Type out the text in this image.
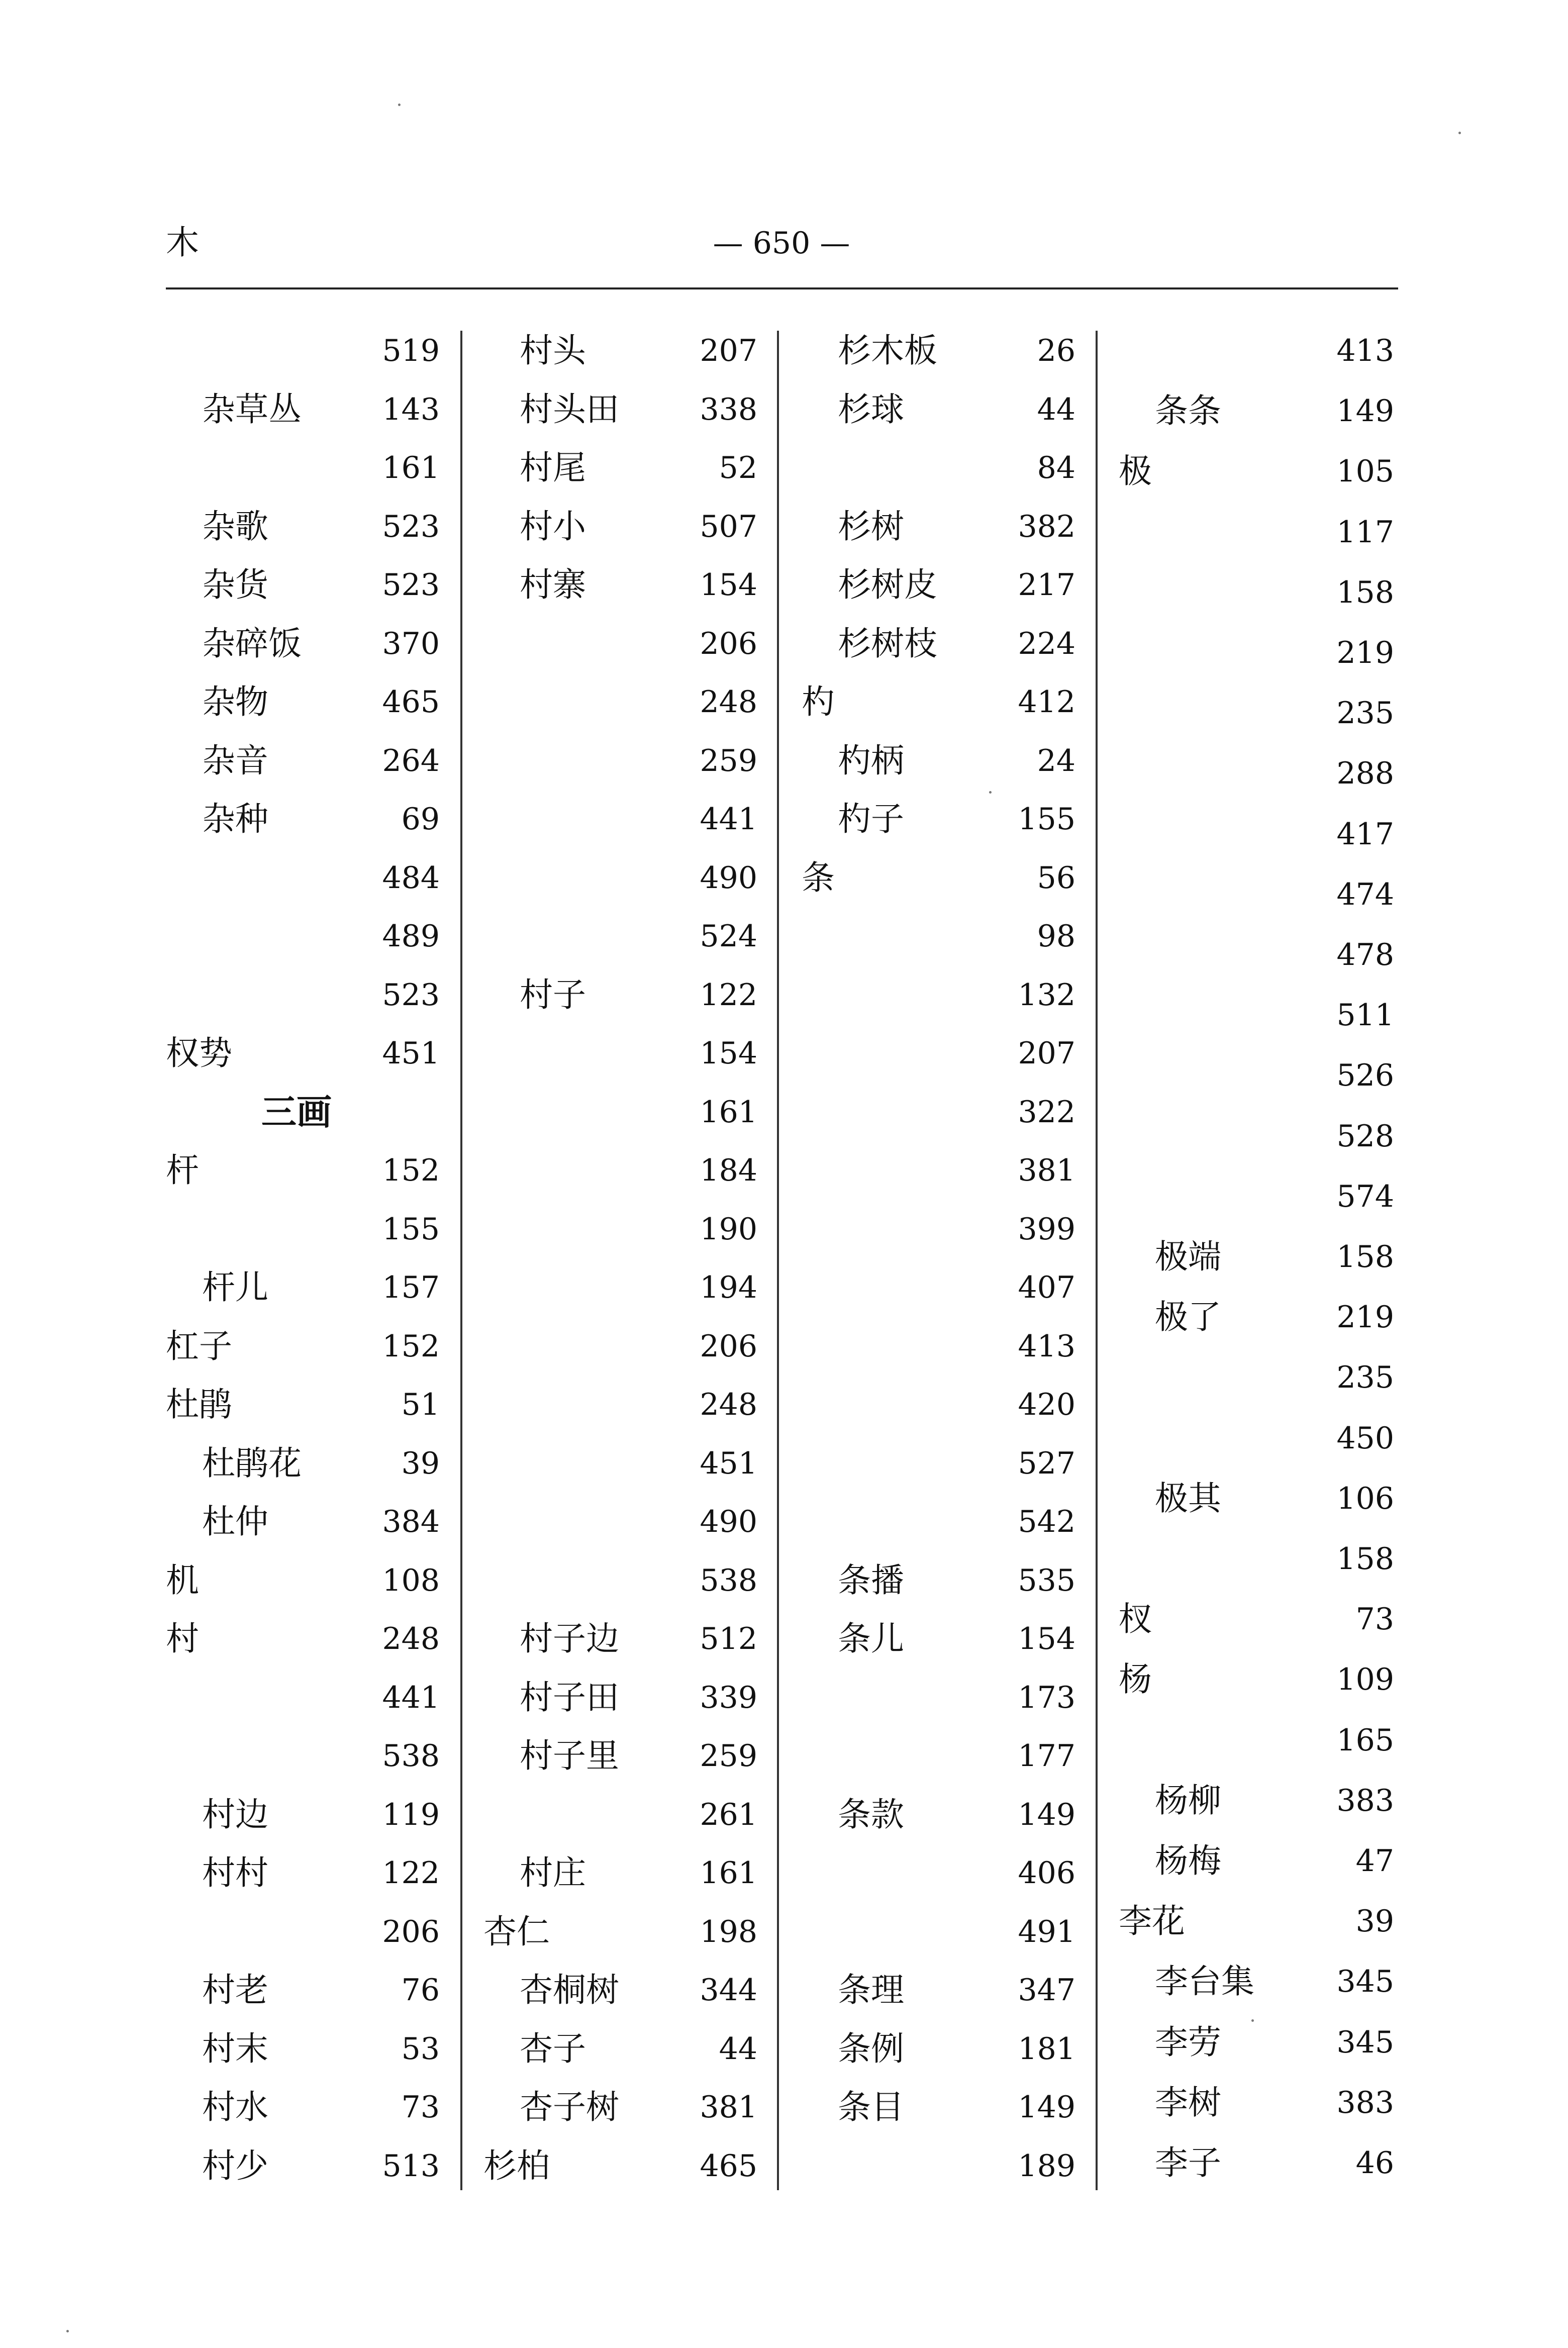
木	— 650 —
519
杂草丛	143
161
杂歌	523
杂货	523
杂碎饭	370
杂物	465
杂音	264
杂种	69
484
489
523
权势	451
三画
杆	152
155
杆儿	157
杠子	152
杜鹃	51
杜鹃花	39
杜仲	384
机	108
村	248
441
538
村边	119
村村	122
206
村老	76
村末	53
村水	73
村少	513
村头	207
村头田	338
村尾	52
村小	507
村寨	154
206
248
259
441
490
524
村子	122
154
161
184
190
194
206
248
451
490
538
村子边	512
村子田	339
村子里	259
261
村庄	161
杏仁	198
杏桐树	344
杏子	44
杏子树	381
杉柏	465
杉木板	26
杉球	44
84
杉树	382
杉树皮	217
杉树枝	224
杓	412
杓柄	24
杓子	155
条	56
98
132
207
322
381
399
407
413
420
527
542
条播	535
条儿	154
173
177
条款	149
406
491
条理	347
条例	181
条目	149
189
413
条条	149
极	105
117
158
219
235
288
417
474
478
511
526
528
574
极端	158
极了	219
235
450
极其	106
158
杈	73
杨	109
165
杨柳	383
杨梅	47
李花	39
李台集	345
李劳	345
李树	383
李子	46
